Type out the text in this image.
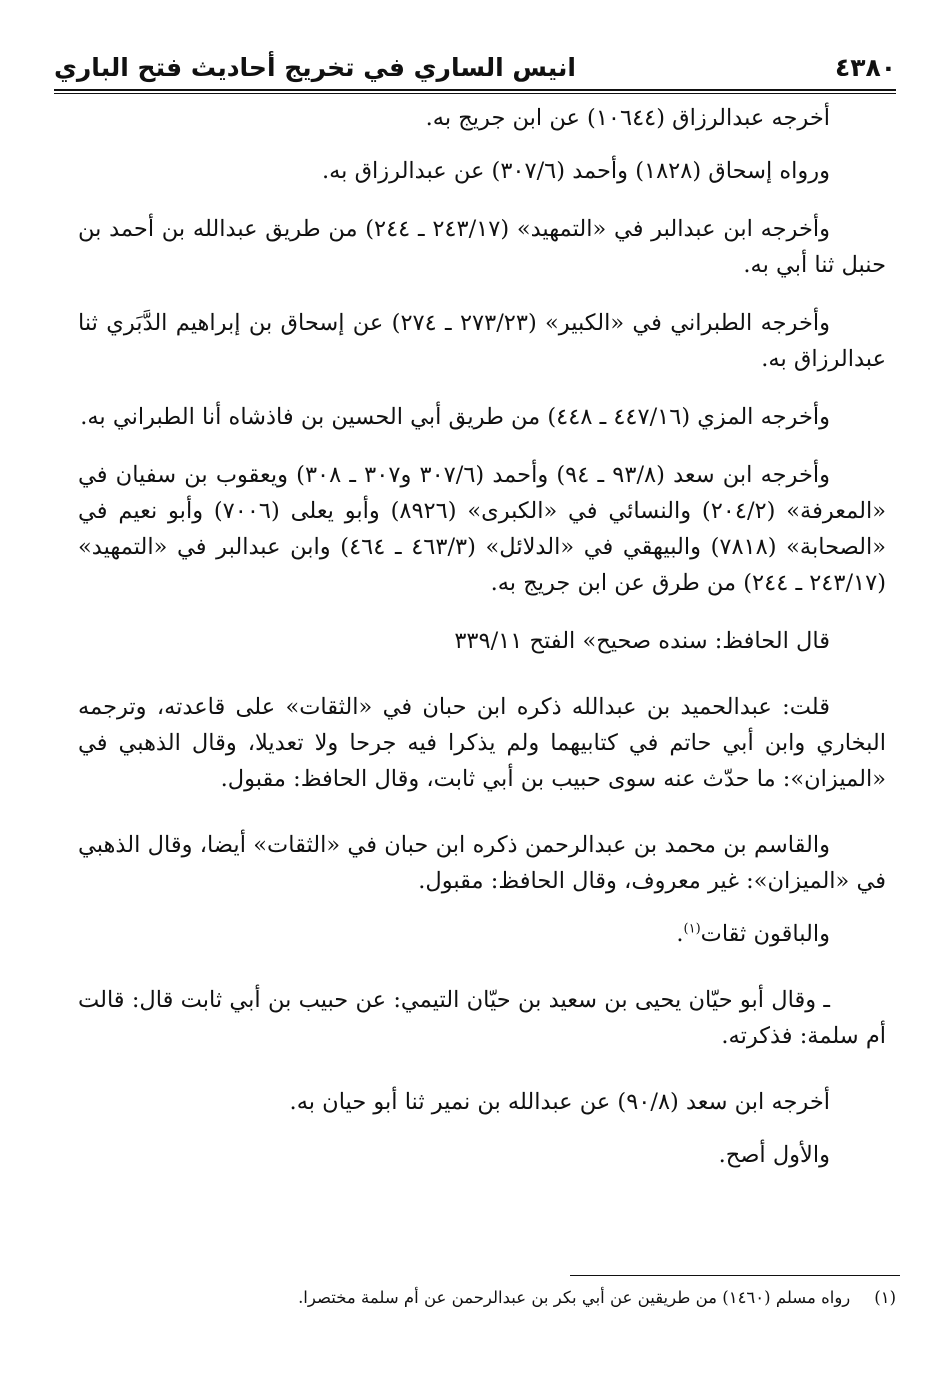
٤٣٨٠
انيس الساري في تخريج أحاديث فتح الباري

أخرجه عبدالرزاق (١٠٦٤٤) عن ابن جريج به.

ورواه إسحاق (١٨٢٨) وأحمد (٣٠٧/٦) عن عبدالرزاق به.

وأخرجه ابن عبدالبر في «التمهيد» (٢٤٣/١٧ ـ ٢٤٤) من طريق عبدالله بن أحمد بن حنبل ثنا أبي به.

وأخرجه الطبراني في «الكبير» (٢٧٣/٢٣ ـ ٢٧٤) عن إسحاق بن إبراهيم الدَّبَري ثنا عبدالرزاق به.

وأخرجه المزي (٤٤٧/١٦ ـ ٤٤٨) من طريق أبي الحسين بن فاذشاه أنا الطبراني به.

وأخرجه ابن سعد (٩٣/٨ ـ ٩٤) وأحمد (٣٠٧/٦ و٣٠٧ ـ ٣٠٨) ويعقوب بن سفيان في «المعرفة» (٢٠٤/٢) والنسائي في «الكبرى» (٨٩٢٦) وأبو يعلى (٧٠٠٦) وأبو نعيم في «الصحابة» (٧٨١٨) والبيهقي في «الدلائل» (٤٦٣/٣ ـ ٤٦٤) وابن عبدالبر في «التمهيد» (٢٤٣/١٧ ـ ٢٤٤) من طرق عن ابن جريج به.

قال الحافظ: سنده صحيح» الفتح ٣٣٩/١١

قلت: عبدالحميد بن عبدالله ذكره ابن حبان في «الثقات» على قاعدته، وترجمه البخاري وابن أبي حاتم في كتابيهما ولم يذكرا فيه جرحا ولا تعديلا، وقال الذهبي في «الميزان»: ما حدّث عنه سوى حبيب بن أبي ثابت، وقال الحافظ: مقبول.

والقاسم بن محمد بن عبدالرحمن ذكره ابن حبان في «الثقات» أيضا، وقال الذهبي في «الميزان»: غير معروف، وقال الحافظ: مقبول.

والباقون ثقات$^{(١)}$.

ـ وقال أبو حيّان يحيى بن سعيد بن حيّان التيمي: عن حبيب بن أبي ثابت قال: قالت أم سلمة: فذكرته.

أخرجه ابن سعد (٩٠/٨) عن عبدالله بن نمير ثنا أبو حيان به.

والأول أصح.

(١)رواه مسلم (١٤٦٠) من طريقين عن أبي بكر بن عبدالرحمن عن أم سلمة مختصرا.
